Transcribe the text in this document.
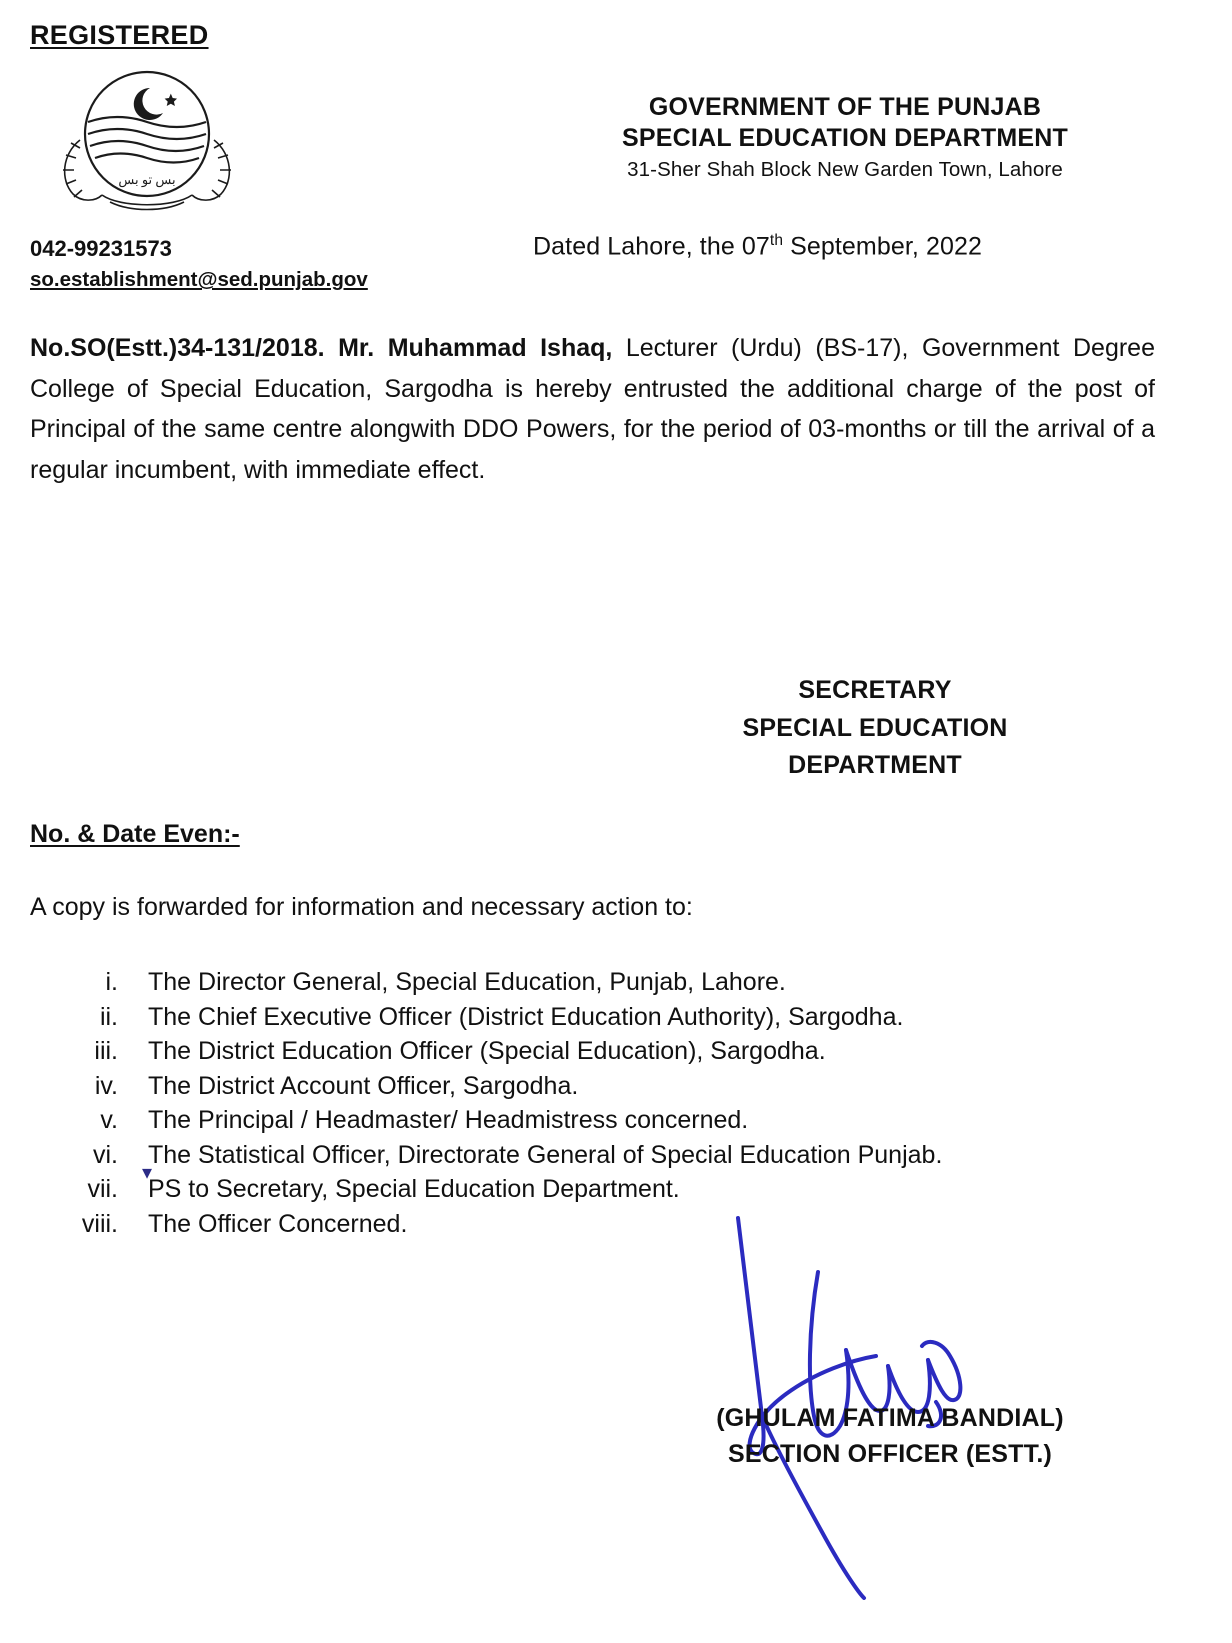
REGISTERED
بس تو بس
GOVERNMENT OF THE PUNJAB
SPECIAL EDUCATION DEPARTMENT
31-Sher Shah Block New Garden Town, Lahore
042-99231573
so.establishment@sed.punjab.gov
Dated Lahore, the 07th September, 2022
No.SO(Estt.)34-131/2018. Mr. Muhammad Ishaq, Lecturer (Urdu) (BS-17), Government Degree College of Special Education, Sargodha is hereby entrusted the additional charge of the post of Principal of the same centre alongwith DDO Powers, for the period of 03-months or till the arrival of a regular incumbent, with immediate effect.
SECRETARY
SPECIAL EDUCATION
DEPARTMENT
No. & Date Even:-
A copy is forwarded for information and necessary action to:
i.	The Director General, Special Education, Punjab, Lahore.
ii.	The Chief Executive Officer (District Education Authority), Sargodha.
iii.	The District Education Officer (Special Education), Sargodha.
iv.	The District Account Officer, Sargodha.
v.	The Principal / Headmaster/ Headmistress concerned.
vi.	The Statistical Officer, Directorate General of Special Education Punjab.
vii.	PS to Secretary, Special Education Department.
viii.	The Officer Concerned.
▾
(GHULAM FATIMA BANDIAL)
SECTION OFFICER (ESTT.)
